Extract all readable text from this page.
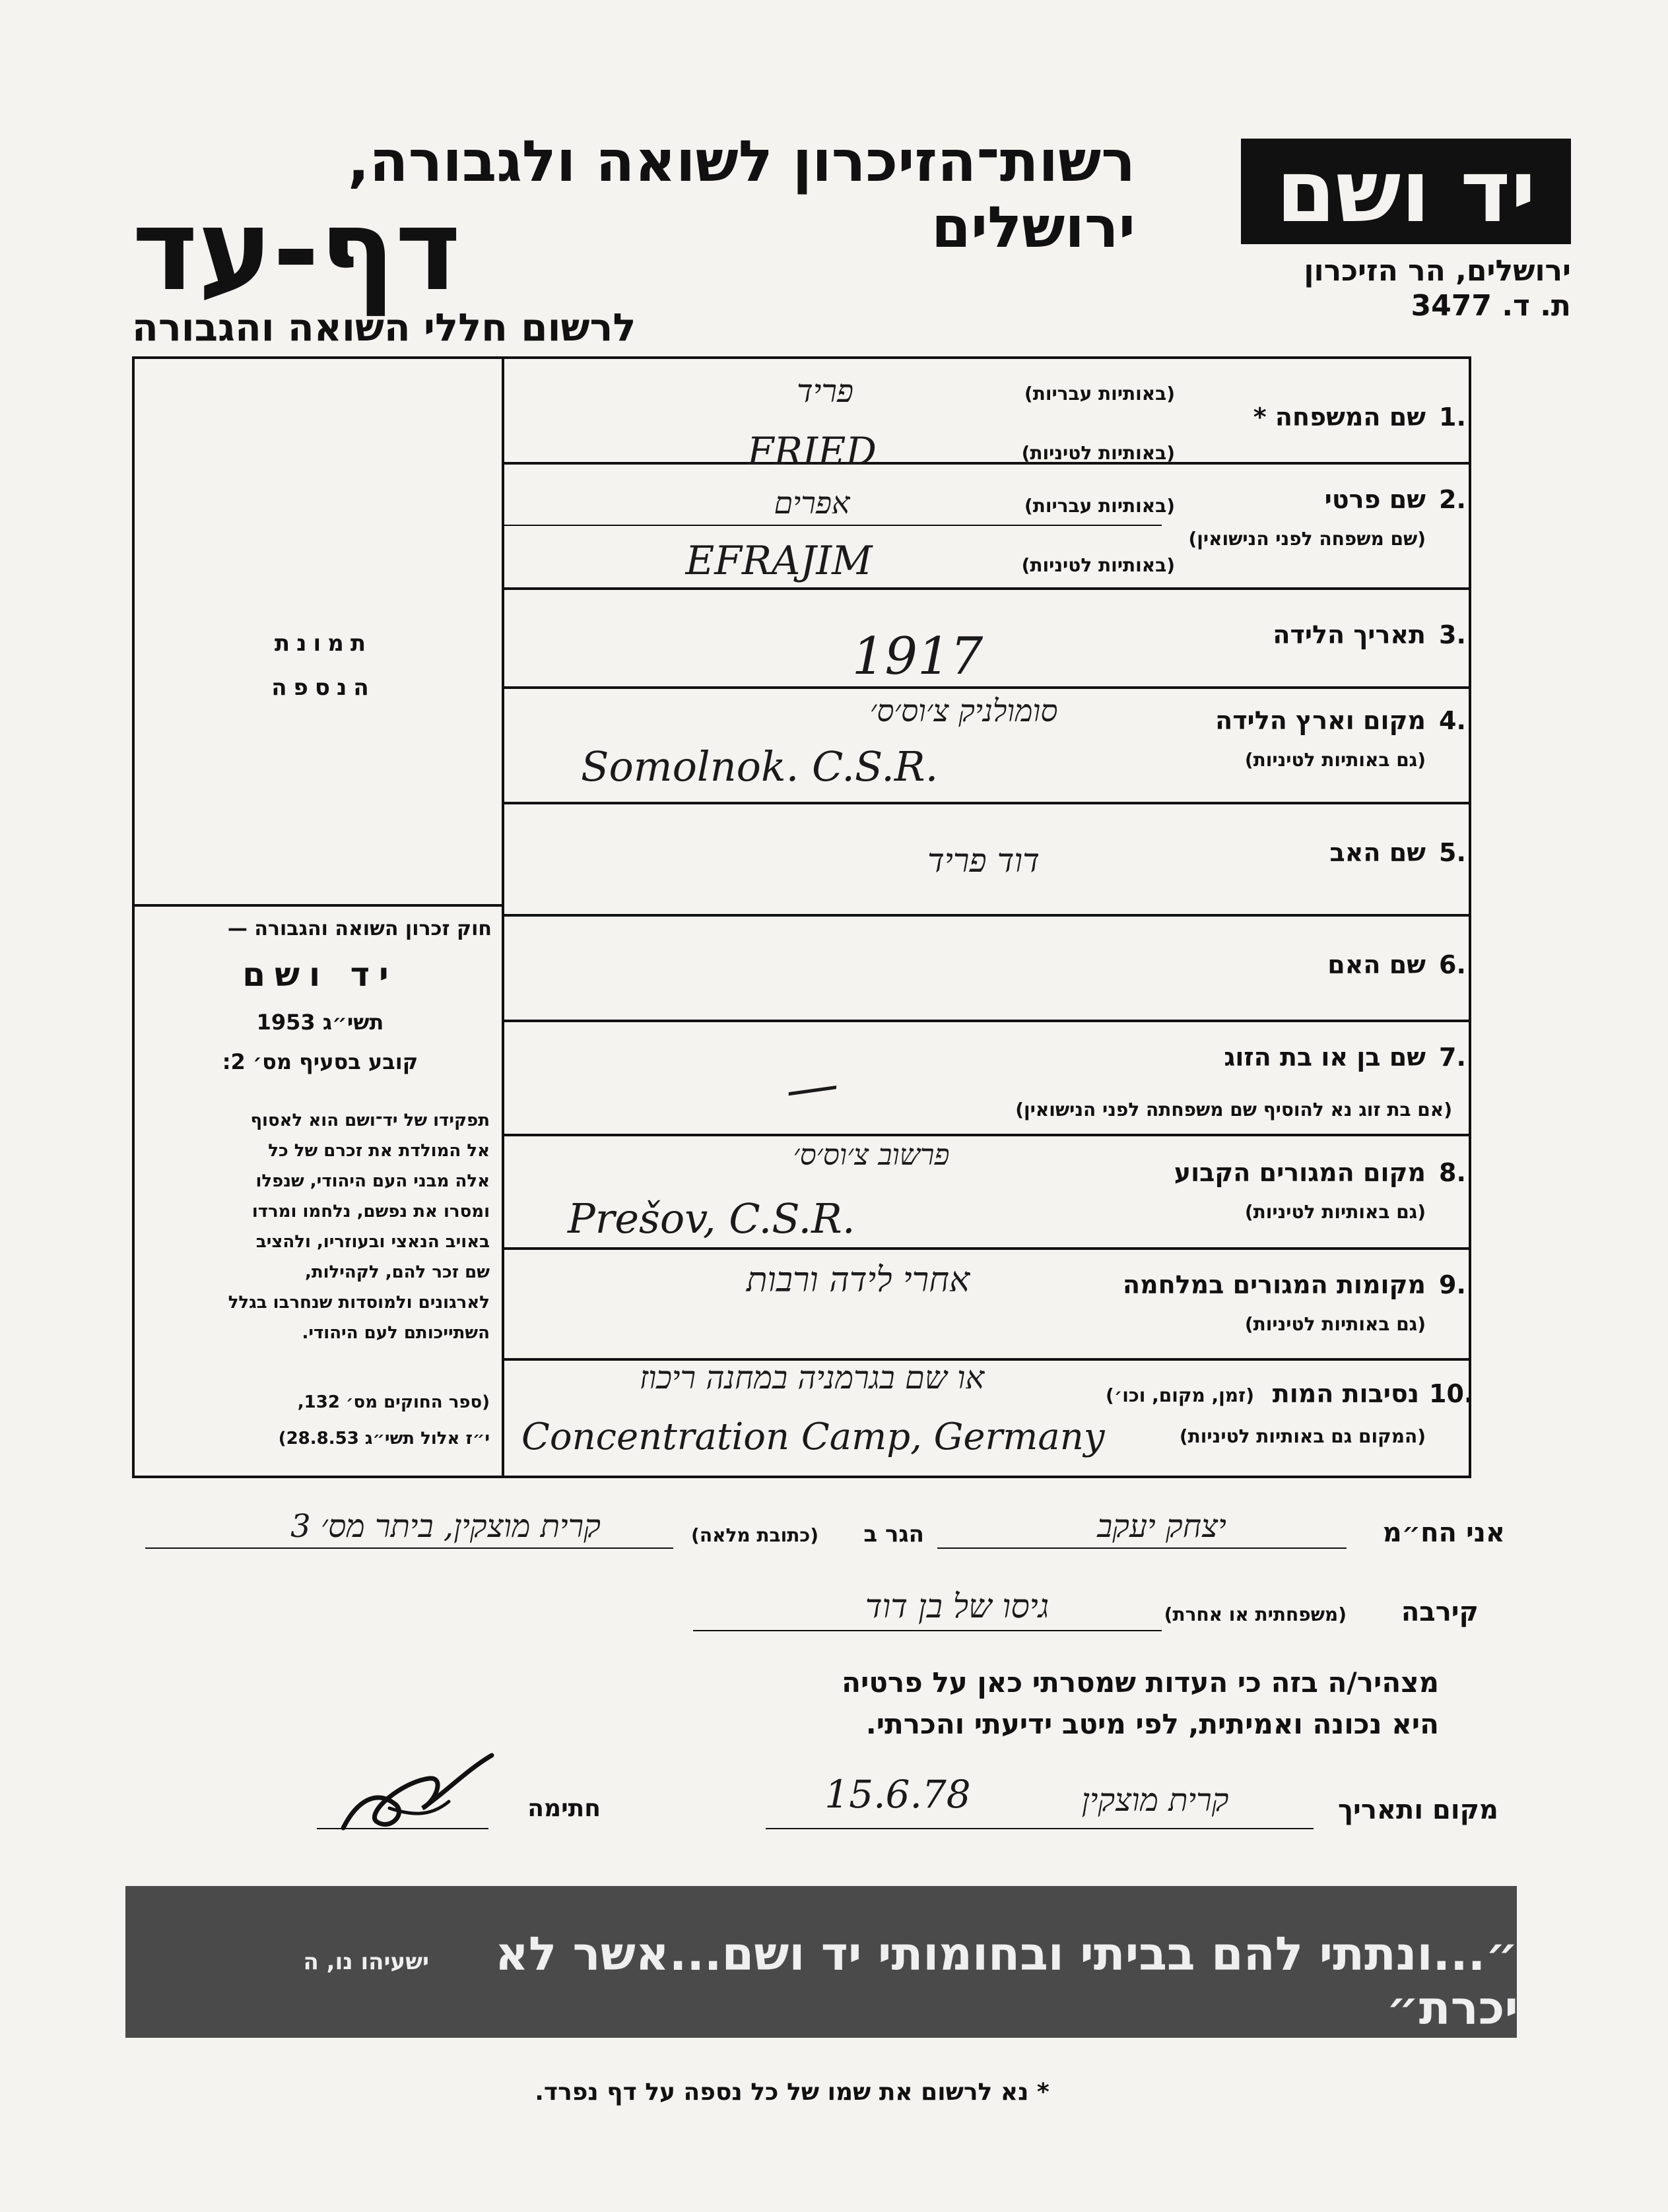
רשות־הזיכרון לשואה ולגבורה, ירושלים
דף-עד
לרשום חללי השואה והגבורה
יד ושם
ירושלים, הר הזיכרון
ת. ד. 3477
תמונת
הנספה
חוק זכרון השואה והגבורה —
יד ושם
תשי״ג 1953
קובע בסעיף מס׳ 2:
תפקידו של יד־ושם הוא לאסוף
אל המולדת את זכרם של כל
אלה מבני העם היהודי, שנפלו
ומסרו את נפשם, נלחמו ומרדו
באויב הנאצי ובעוזריו, ולהציב
שם זכר להם, לקהילות,
לארגונים ולמוסדות שנחרבו בגלל
השתייכותם לעם היהודי.
(ספר החוקים מס׳ 132,
י״ז אלול תשי״ג 28.8.53)
1.
שם המשפחה *
(באותיות עבריות)
(באותיות לטיניות)
פריד
FRIED
2.
שם פרטי
(שם משפחה לפני הנישואין)
(באותיות עבריות)
(באותיות לטיניות)
אפרים
EFRAJIM
3.
תאריך הלידה
1917
4.
מקום וארץ הלידה
(גם באותיות לטיניות)
סומולניק צ׳וס׳ס׳
Somolnok. C.S.R.
5.
שם האב
דוד פריד
6.
שם האם
7.
שם בן או בת הזוג
(אם בת זוג נא להוסיף שם משפחתה לפני הנישואין)
—
8.
מקום המגורים הקבוע
(גם באותיות לטיניות)
פרשוב צ׳וס׳ס׳
Prešov, C.S.R.
9.
מקומות המגורים במלחמה
(גם באותיות לטיניות)
אחרי לידה ורבות
10.
נסיבות המות
(זמן, מקום, וכו׳)
(המקום גם באותיות לטיניות)
או שם בגרמניה במחנה ריכוז
Concentration Camp, Germany
אני הח״מ
יצחק יעקב
הגר ב
(כתובת מלאה)
קרית מוצקין, ביתר מס׳ 3
קירבה
(משפחתית או אחרת)
גיסו של בן דוד
מצהיר/ה בזה כי העדות שמסרתי כאן על פרטיה
היא נכונה ואמיתית, לפי מיטב ידיעתי והכרתי.
מקום ותאריך
קרית מוצקין
15.6.78
חתימה
״...ונתתי להם בביתי ובחומותי יד ושם...אשר לא יכרת״
ישעיהו נו, ה
* נא לרשום את שמו של כל נספה על דף נפרד.
